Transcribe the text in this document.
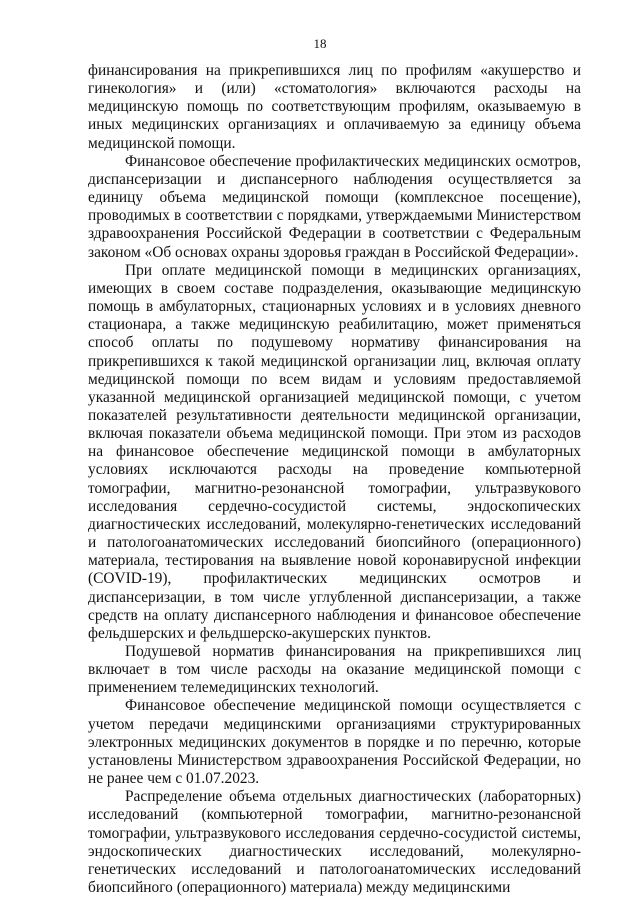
18

финансирования на прикрепившихся лиц по профилям «акушерство и гинекология» и (или) «стоматология» включаются расходы на медицинскую помощь по соответствующим профилям, оказываемую в иных медицинских организациях и оплачиваемую за единицу объема медицинской помощи.

Финансовое обеспечение профилактических медицинских осмотров, диспансеризации и диспансерного наблюдения осуществляется за единицу объема медицинской помощи (комплексное посещение), проводимых в соответствии с порядками, утверждаемыми Министерством здравоохранения Российской Федерации в соответствии с Федеральным законом «Об основах охраны здоровья граждан в Российской Федерации».

При оплате медицинской помощи в медицинских организациях, имеющих в своем составе подразделения, оказывающие медицинскую помощь в амбулаторных, стационарных условиях и в условиях дневного стационара, а также медицинскую реабилитацию, может применяться способ оплаты по подушевому нормативу финансирования на прикрепившихся к такой медицинской организации лиц, включая оплату медицинской помощи по всем видам и условиям предоставляемой указанной медицинской организацией медицинской помощи, с учетом показателей результативности деятельности медицинской организации, включая показатели объема медицинской помощи. При этом из расходов на финансовое обеспечение медицинской помощи в амбулаторных условиях исключаются расходы на проведение компьютерной томографии, магнитно-резонансной томографии, ультразвукового исследования сердечно-сосудистой системы, эндоскопических диагностических исследований, молекулярно-генетических исследований и патологоанатомических исследований биопсийного (операционного) материала, тестирования на выявление новой коронавирусной инфекции (COVID-19), профилактических медицинских осмотров и диспансеризации, в том числе углубленной диспансеризации, а также средств на оплату диспансерного наблюдения и финансовое обеспечение фельдшерских и фельдшерско-акушерских пунктов.

Подушевой норматив финансирования на прикрепившихся лиц включает в том числе расходы на оказание медицинской помощи с применением телемедицинских технологий.

Финансовое обеспечение медицинской помощи осуществляется с учетом передачи медицинскими организациями структурированных электронных медицинских документов в порядке и по перечню, которые установлены Министерством здравоохранения Российской Федерации, но не ранее чем с 01.07.2023.

Распределение объема отдельных диагностических (лабораторных) исследований (компьютерной томографии, магнитно-резонансной томографии, ультразвукового исследования сердечно-сосудистой системы, эндоскопических диагностических исследований, молекулярно-генетических исследований и патологоанатомических исследований биопсийного (операционного) материала) между медицинскими
